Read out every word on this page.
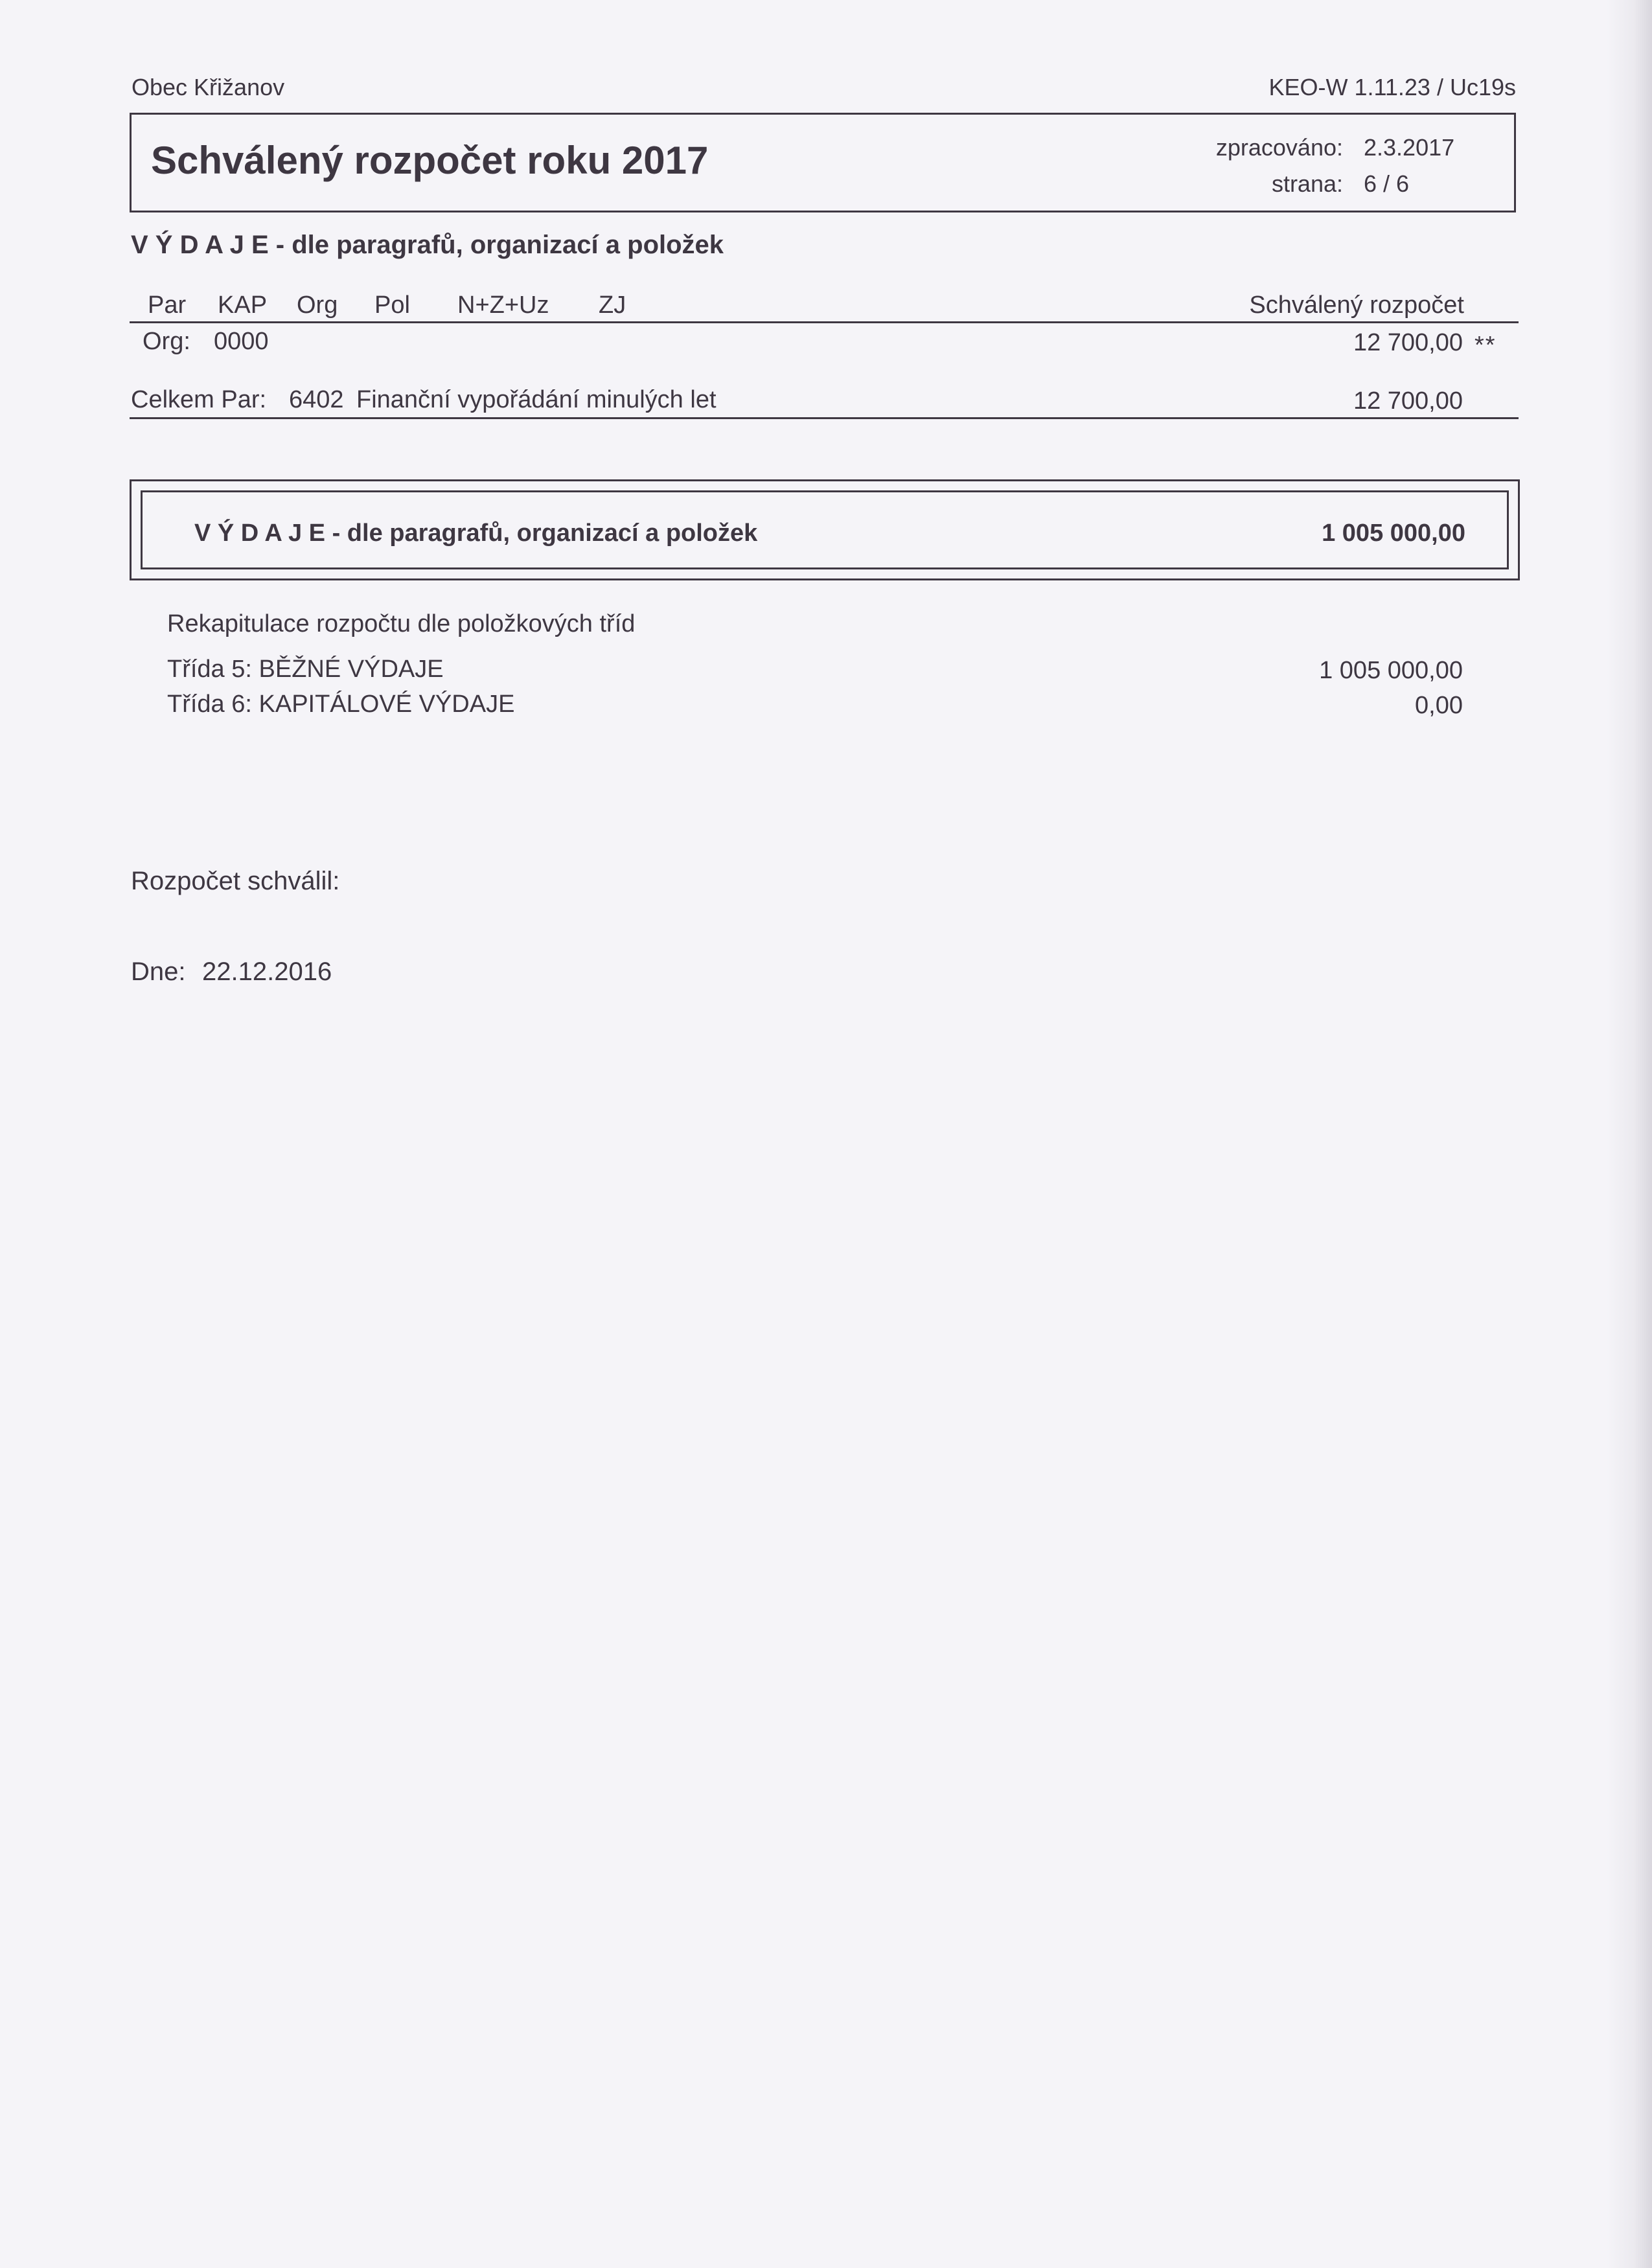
Obec Křižanov	KEO-W 1.11.23 / Uc19s
Schválený rozpočet roku 2017	zpracováno: 2.3.2017
strana: 6 / 6
V Ý D A J E - dle paragrafů, organizací a položek
Par KAP Org Pol N+Z+Uz ZJ	Schválený rozpočet
Org: 0000	12 700,00 **
Celkem Par: 6402 Finanční vypořádání minulých let	12 700,00
V Ý D A J E - dle paragrafů, organizací a položek	1 005 000,00
Rekapitulace rozpočtu dle položkových tříd
Třída 5: BĚŽNÉ VÝDAJE	1 005 000,00
Třída 6: KAPITÁLOVÉ VÝDAJE	0,00
Rozpočet schválil:
Dne: 22.12.2016
